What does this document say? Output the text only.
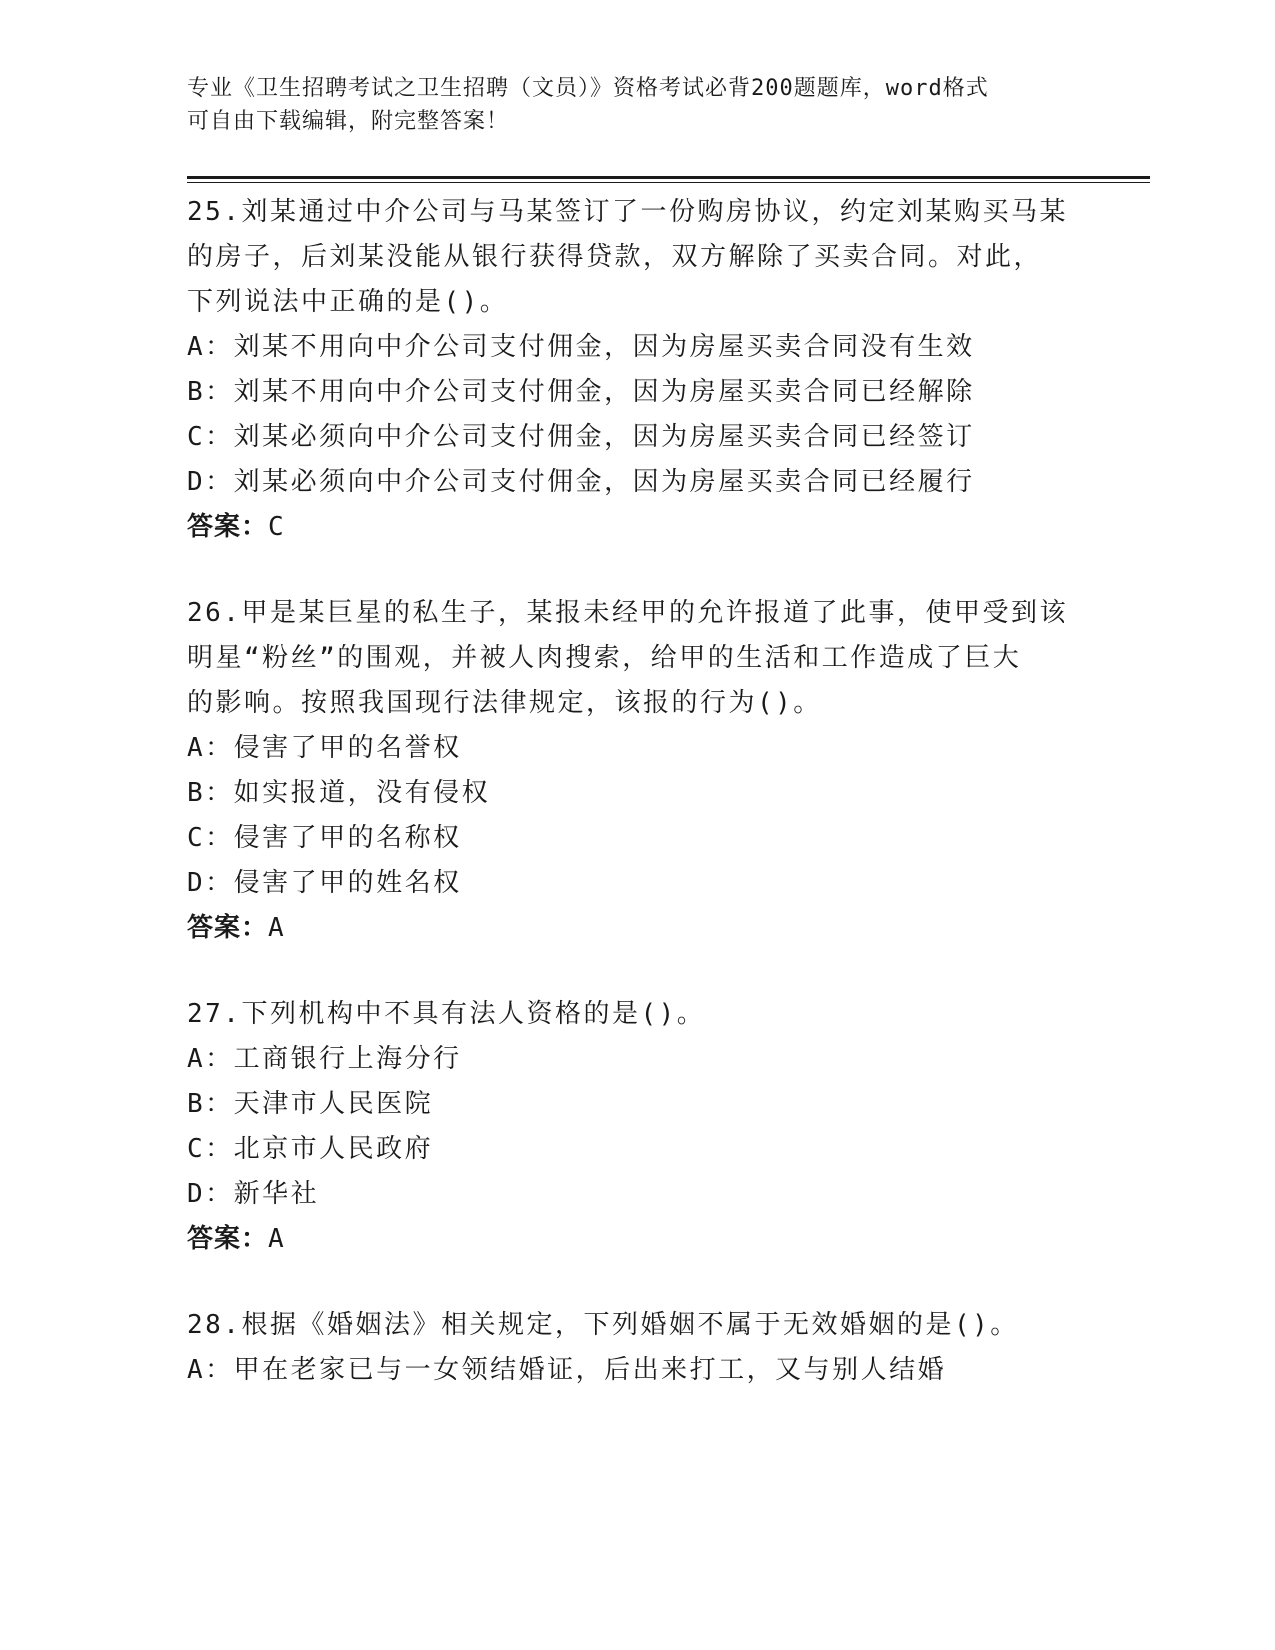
专业《卫生招聘考试之卫生招聘（文员）》资格考试必背200题题库，word格式
可自由下载编辑，附完整答案！
25.刘某通过中介公司与马某签订了一份购房协议，约定刘某购买马某
的房子，后刘某没能从银行获得贷款，双方解除了买卖合同。对此，
下列说法中正确的是()。
A：刘某不用向中介公司支付佣金，因为房屋买卖合同没有生效
B：刘某不用向中介公司支付佣金，因为房屋买卖合同已经解除
C：刘某必须向中介公司支付佣金，因为房屋买卖合同已经签订
D：刘某必须向中介公司支付佣金，因为房屋买卖合同已经履行
答案：C
26.甲是某巨星的私生子，某报未经甲的允许报道了此事，使甲受到该
明星“粉丝”的围观，并被人肉搜索，给甲的生活和工作造成了巨大
的影响。按照我国现行法律规定，该报的行为()。
A：侵害了甲的名誉权
B：如实报道，没有侵权
C：侵害了甲的名称权
D：侵害了甲的姓名权
答案：A
27.下列机构中不具有法人资格的是()。
A：工商银行上海分行
B：天津市人民医院
C：北京市人民政府
D：新华社
答案：A
28.根据《婚姻法》相关规定，下列婚姻不属于无效婚姻的是()。
A：甲在老家已与一女领结婚证，后出来打工，又与别人结婚
